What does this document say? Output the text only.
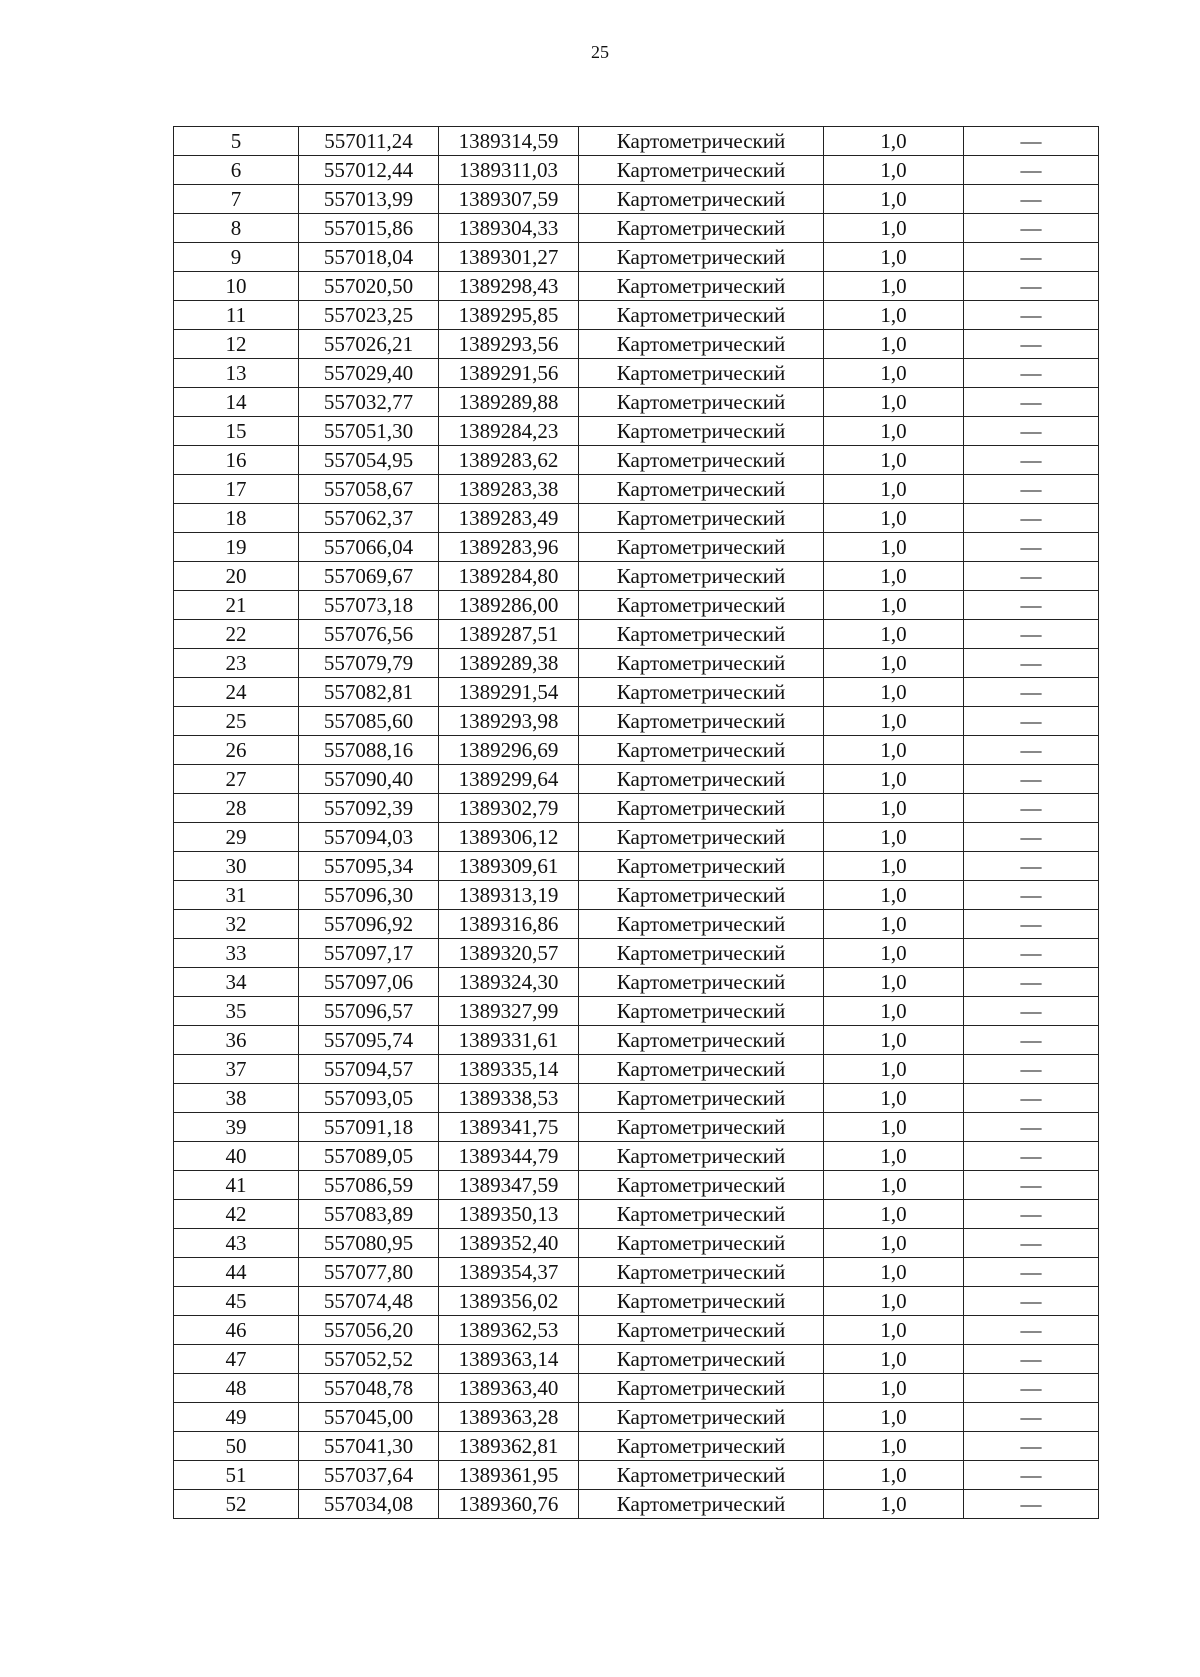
25
5	557011,24	1389314,59	Картометрический	1,0	—
6	557012,44	1389311,03	Картометрический	1,0	—
7	557013,99	1389307,59	Картометрический	1,0	—
8	557015,86	1389304,33	Картометрический	1,0	—
9	557018,04	1389301,27	Картометрический	1,0	—
10	557020,50	1389298,43	Картометрический	1,0	—
11	557023,25	1389295,85	Картометрический	1,0	—
12	557026,21	1389293,56	Картометрический	1,0	—
13	557029,40	1389291,56	Картометрический	1,0	—
14	557032,77	1389289,88	Картометрический	1,0	—
15	557051,30	1389284,23	Картометрический	1,0	—
16	557054,95	1389283,62	Картометрический	1,0	—
17	557058,67	1389283,38	Картометрический	1,0	—
18	557062,37	1389283,49	Картометрический	1,0	—
19	557066,04	1389283,96	Картометрический	1,0	—
20	557069,67	1389284,80	Картометрический	1,0	—
21	557073,18	1389286,00	Картометрический	1,0	—
22	557076,56	1389287,51	Картометрический	1,0	—
23	557079,79	1389289,38	Картометрический	1,0	—
24	557082,81	1389291,54	Картометрический	1,0	—
25	557085,60	1389293,98	Картометрический	1,0	—
26	557088,16	1389296,69	Картометрический	1,0	—
27	557090,40	1389299,64	Картометрический	1,0	—
28	557092,39	1389302,79	Картометрический	1,0	—
29	557094,03	1389306,12	Картометрический	1,0	—
30	557095,34	1389309,61	Картометрический	1,0	—
31	557096,30	1389313,19	Картометрический	1,0	—
32	557096,92	1389316,86	Картометрический	1,0	—
33	557097,17	1389320,57	Картометрический	1,0	—
34	557097,06	1389324,30	Картометрический	1,0	—
35	557096,57	1389327,99	Картометрический	1,0	—
36	557095,74	1389331,61	Картометрический	1,0	—
37	557094,57	1389335,14	Картометрический	1,0	—
38	557093,05	1389338,53	Картометрический	1,0	—
39	557091,18	1389341,75	Картометрический	1,0	—
40	557089,05	1389344,79	Картометрический	1,0	—
41	557086,59	1389347,59	Картометрический	1,0	—
42	557083,89	1389350,13	Картометрический	1,0	—
43	557080,95	1389352,40	Картометрический	1,0	—
44	557077,80	1389354,37	Картометрический	1,0	—
45	557074,48	1389356,02	Картометрический	1,0	—
46	557056,20	1389362,53	Картометрический	1,0	—
47	557052,52	1389363,14	Картометрический	1,0	—
48	557048,78	1389363,40	Картометрический	1,0	—
49	557045,00	1389363,28	Картометрический	1,0	—
50	557041,30	1389362,81	Картометрический	1,0	—
51	557037,64	1389361,95	Картометрический	1,0	—
52	557034,08	1389360,76	Картометрический	1,0	—
